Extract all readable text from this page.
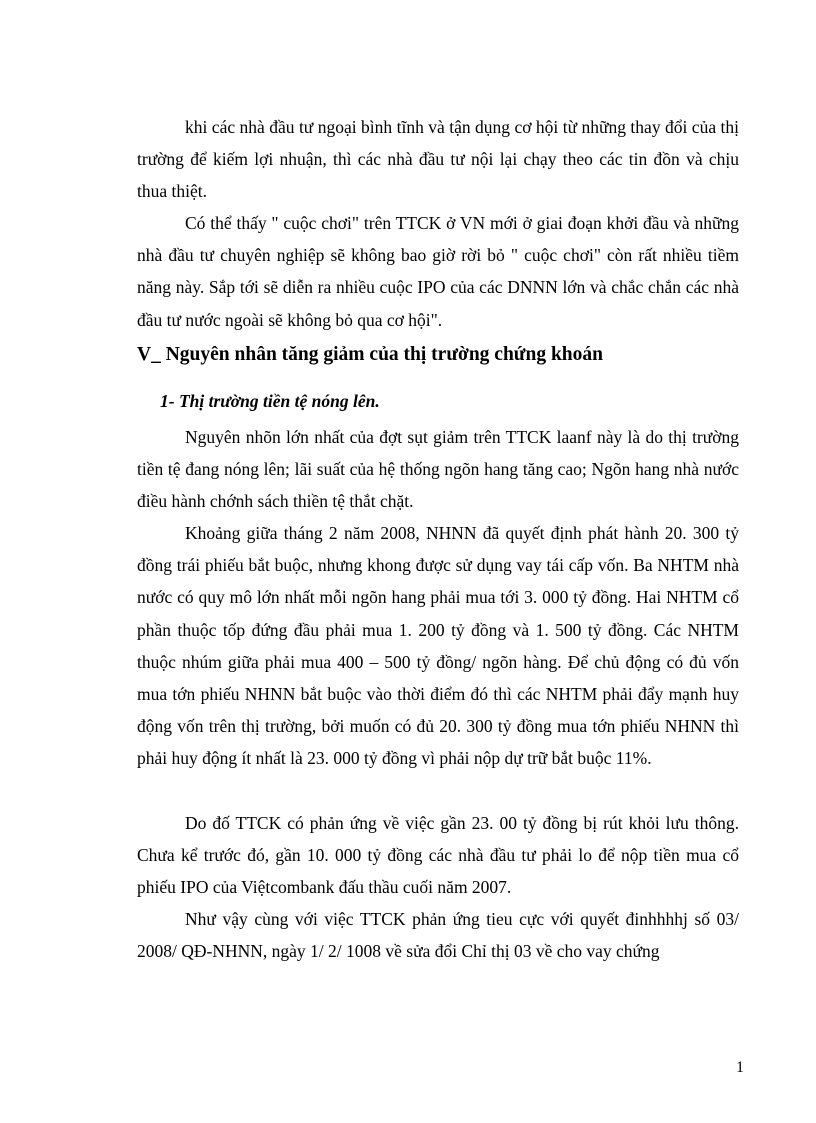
khi các nhà đầu tư ngoại bình tĩnh và tận dụng cơ hội từ những thay đổi của thị trường để kiếm lợi nhuận, thì các nhà đầu tư nội lại chạy theo các tin đồn và chịu thua thiệt.

Có thể thấy " cuộc chơi" trên TTCK ở VN mới ở giai đoạn khởi đầu và những nhà đầu tư chuyên nghiệp sẽ không bao giờ rời bỏ " cuộc chơi" còn rất nhiều tiềm năng này. Sắp tới sẽ diễn ra nhiều cuộc IPO của các DNNN lớn và chắc chắn các nhà đầu tư nước ngoài sẽ không bỏ qua cơ hội".

V_ Nguyên nhân tăng giảm của thị trường chứng khoán
1- Thị trường tiền tệ nóng lên.

Nguyên nhõn lớn nhất của đợt sụt giảm trên TTCK laanf này là do thị trường tiền tệ đang nóng lên; lãi suất của hệ thống ngõn hang tăng cao; Ngõn hang nhà nước điều hành chớnh sách thiền tệ thắt chặt.

Khoảng giữa tháng 2 năm 2008, NHNN đã quyết định phát hành 20. 300 tỷ đồng trái phiếu bắt buộc, nhưng khong được sử dụng vay tái cấp vốn. Ba NHTM nhà nước có quy mô lớn nhất mỗi ngõn hang phải mua tới 3. 000 tỷ đồng. Hai NHTM cổ phần thuộc tốp đứng đầu phải mua 1. 200 tỷ đồng và 1. 500 tỷ đồng. Các NHTM thuộc nhúm giữa phải mua 400 – 500 tỷ đồng/ ngõn hàng. Để chủ động có đủ vốn mua tớn phiếu NHNN bắt buộc vào thời điểm đó thì các NHTM phải đẩy mạnh huy động vốn trên thị trường, bởi muốn có đủ 20. 300 tỷ đồng mua tớn phiếu NHNN thì phải huy động ít nhất là 23. 000 tỷ đồng vì phải nộp dự trữ bắt buộc 11%.

Do đố TTCK có phản ứng về việc gần 23. 00 tỷ đồng bị rút khỏi lưu thông. Chưa kể trước đó, gần 10. 000 tỷ đồng các nhà đầu tư phải lo để nộp tiền mua cổ phiếu IPO của Việtcombank đấu thầu cuối năm 2007.

Như vậy cùng với việc TTCK phản ứng tieu cực với quyết đinhhhhj số 03/ 2008/ QĐ-NHNN, ngày 1/ 2/ 1008 về sửa đổi Chỉ thị 03 về cho vay chứng

1
